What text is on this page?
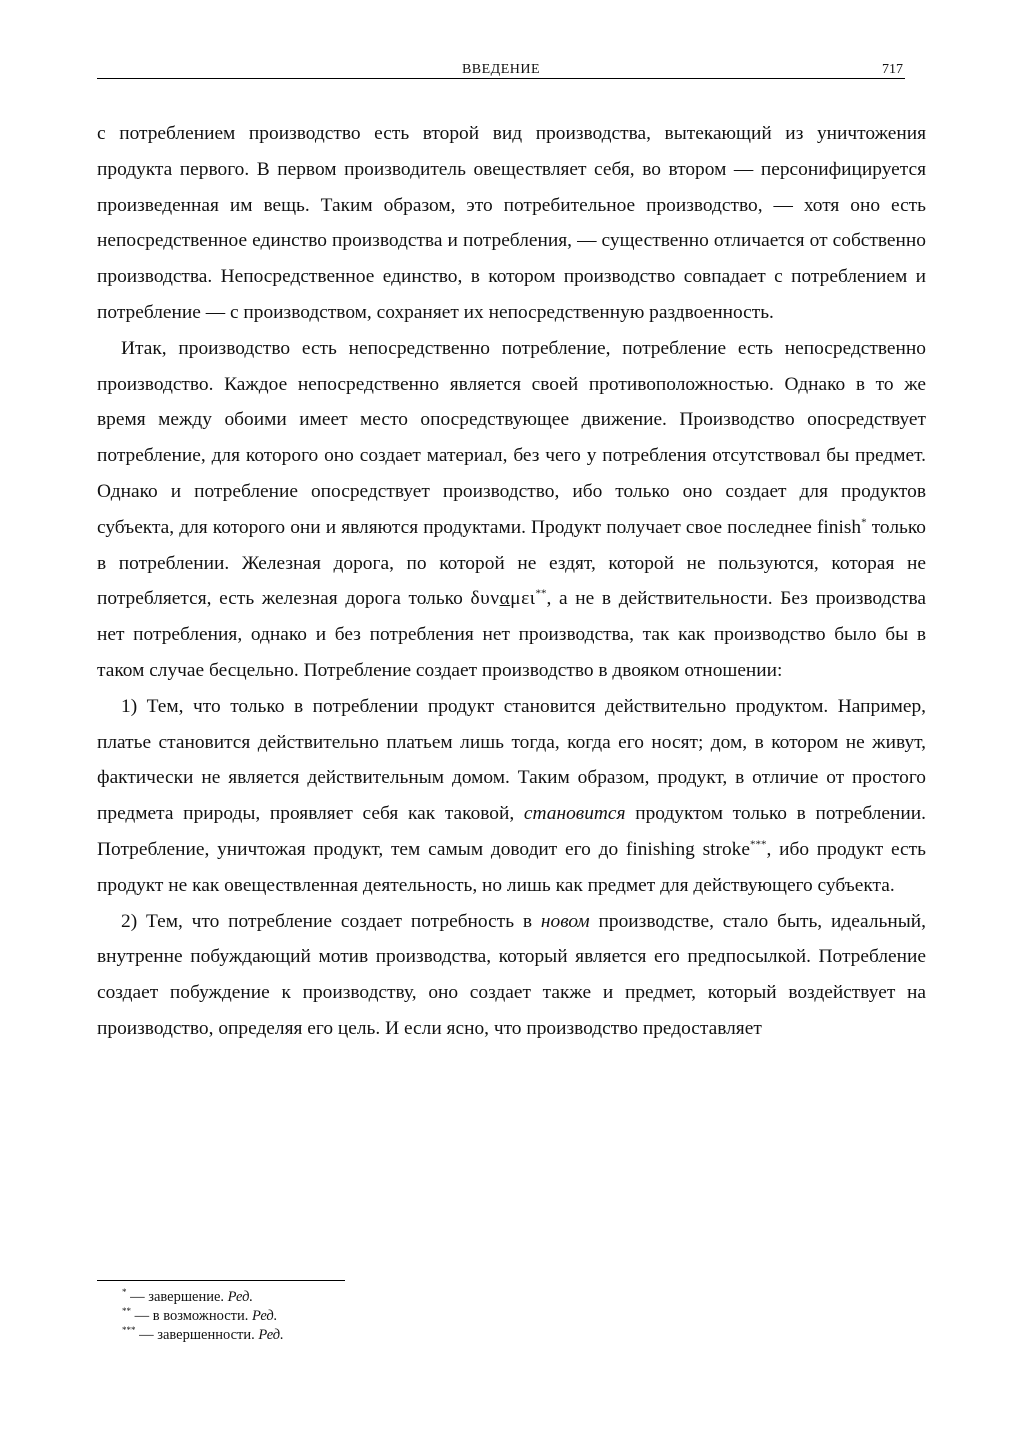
ВВЕДЕНИЕ	717

с потреблением производство есть второй вид производства, вытекающий из уничтожения продукта первого. В первом производитель овеществляет себя, во втором — персонифицируется произведенная им вещь. Таким образом, это потребительное производство, — хотя оно есть непосредственное единство производства и потребления, — существенно отличается от собственно производства. Непосредственное единство, в котором производство совпадает с потреблением и потребление — с производством, сохраняет их непосредственную раздвоенность.

Итак, производство есть непосредственно потребление, потребление есть непосредственно производство. Каждое непосредственно является своей противоположностью. Однако в то же время между обоими имеет место опосредствующее движение. Производство опосредствует потребление, для которого оно создает материал, без чего у потребления отсутствовал бы предмет. Однако и потребление опосредствует производство, ибо только оно создает для продуктов субъекта, для которого они и являются продуктами. Продукт получает свое последнее finish* только в потреблении. Железная дорога, по которой не ездят, которой не пользуются, которая не потребляется, есть железная дорога только δυναμει**, а не в действительности. Без производства нет потребления, однако и без потребления нет производства, так как производство было бы в таком случае бесцельно. Потребление создает производство в двояком отношении:

1) Тем, что только в потреблении продукт становится действительно продуктом. Например, платье становится действительно платьем лишь тогда, когда его носят; дом, в котором не живут, фактически не является действительным домом. Таким образом, продукт, в отличие от простого предмета природы, проявляет себя как таковой, становится продуктом только в потреблении. Потребление, уничтожая продукт, тем самым доводит его до finishing stroke***, ибо продукт есть продукт не как овеществленная деятельность, но лишь как предмет для действующего субъекта.

2) Тем, что потребление создает потребность в новом производстве, стало быть, идеальный, внутренне побуждающий мотив производства, который является его предпосылкой. Потребление создает побуждение к производству, оно создает также и предмет, который воздействует на производство, определяя его цель. И если ясно, что производство предоставляет

* — завершение. Ред.
** — в возможности. Ред.
*** — завершенности. Ред.
